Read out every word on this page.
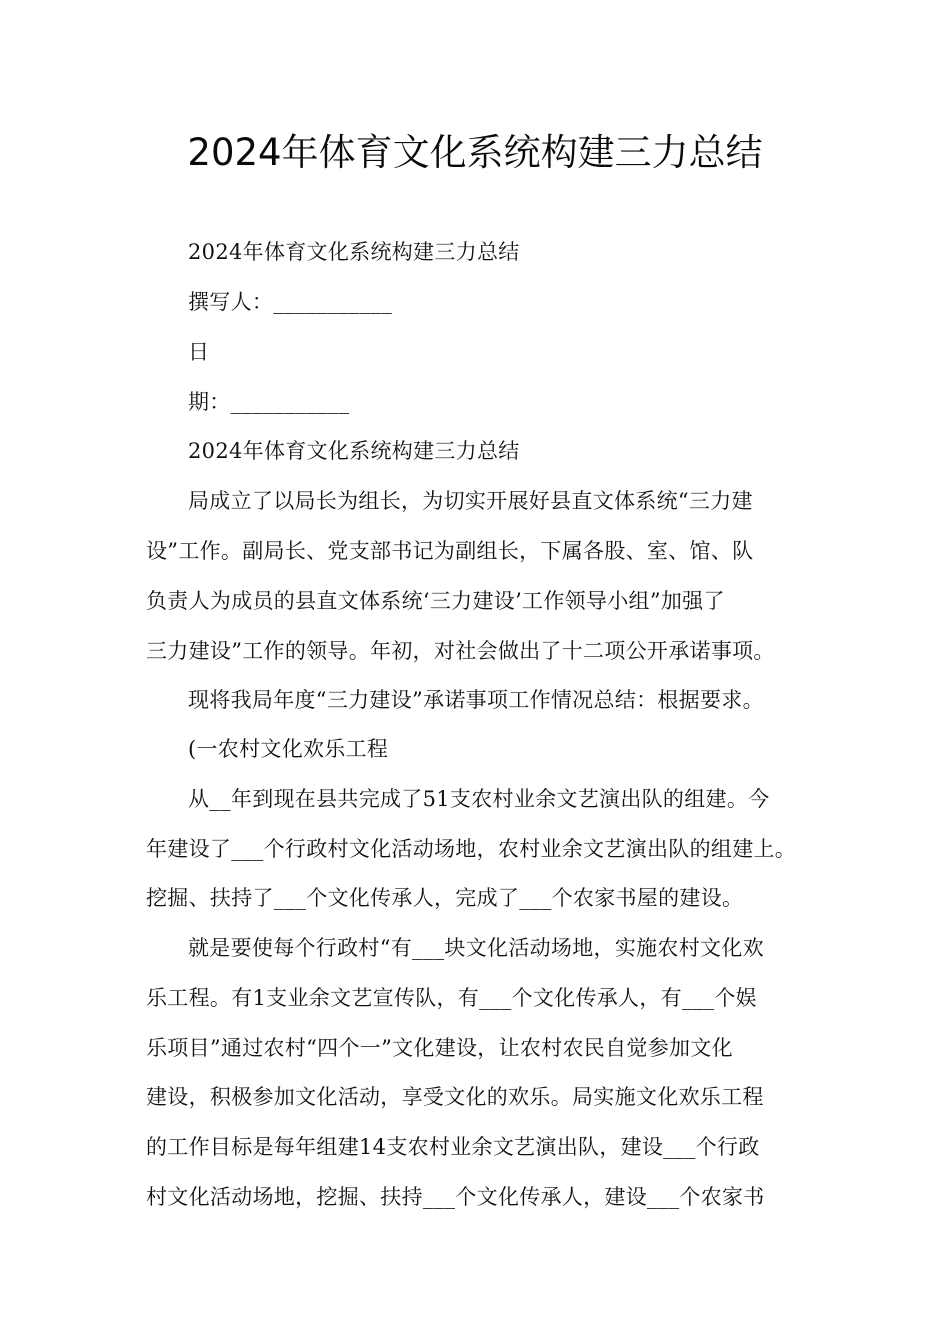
2024年体育文化系统构建三力总结
2024年体育文化系统构建三力总结
撰写人：___________
日
期：___________
2024年体育文化系统构建三力总结
局成立了以局长为组长，为切实开展好县直文体系统“三力建
设”工作。副局长、党支部书记为副组长，下属各股、室、馆、队
负责人为成员的县直文体系统‘三力建设’工作领导小组”加强了
三力建设”工作的领导。年初，对社会做出了十二项公开承诺事项。
现将我局年度“三力建设”承诺事项工作情况总结：根据要求。
(一农村文化欢乐工程
从__年到现在县共完成了51支农村业余文艺演出队的组建。今
年建设了___个行政村文化活动场地，农村业余文艺演出队的组建上。
挖掘、扶持了___个文化传承人，完成了___个农家书屋的建设。
就是要使每个行政村“有___块文化活动场地，实施农村文化欢
乐工程。有1支业余文艺宣传队，有___个文化传承人，有___个娱
乐项目”通过农村“四个一”文化建设，让农村农民自觉参加文化
建设，积极参加文化活动，享受文化的欢乐。局实施文化欢乐工程
的工作目标是每年组建14支农村业余文艺演出队，建设___个行政
村文化活动场地，挖掘、扶持___个文化传承人，建设___个农家书
